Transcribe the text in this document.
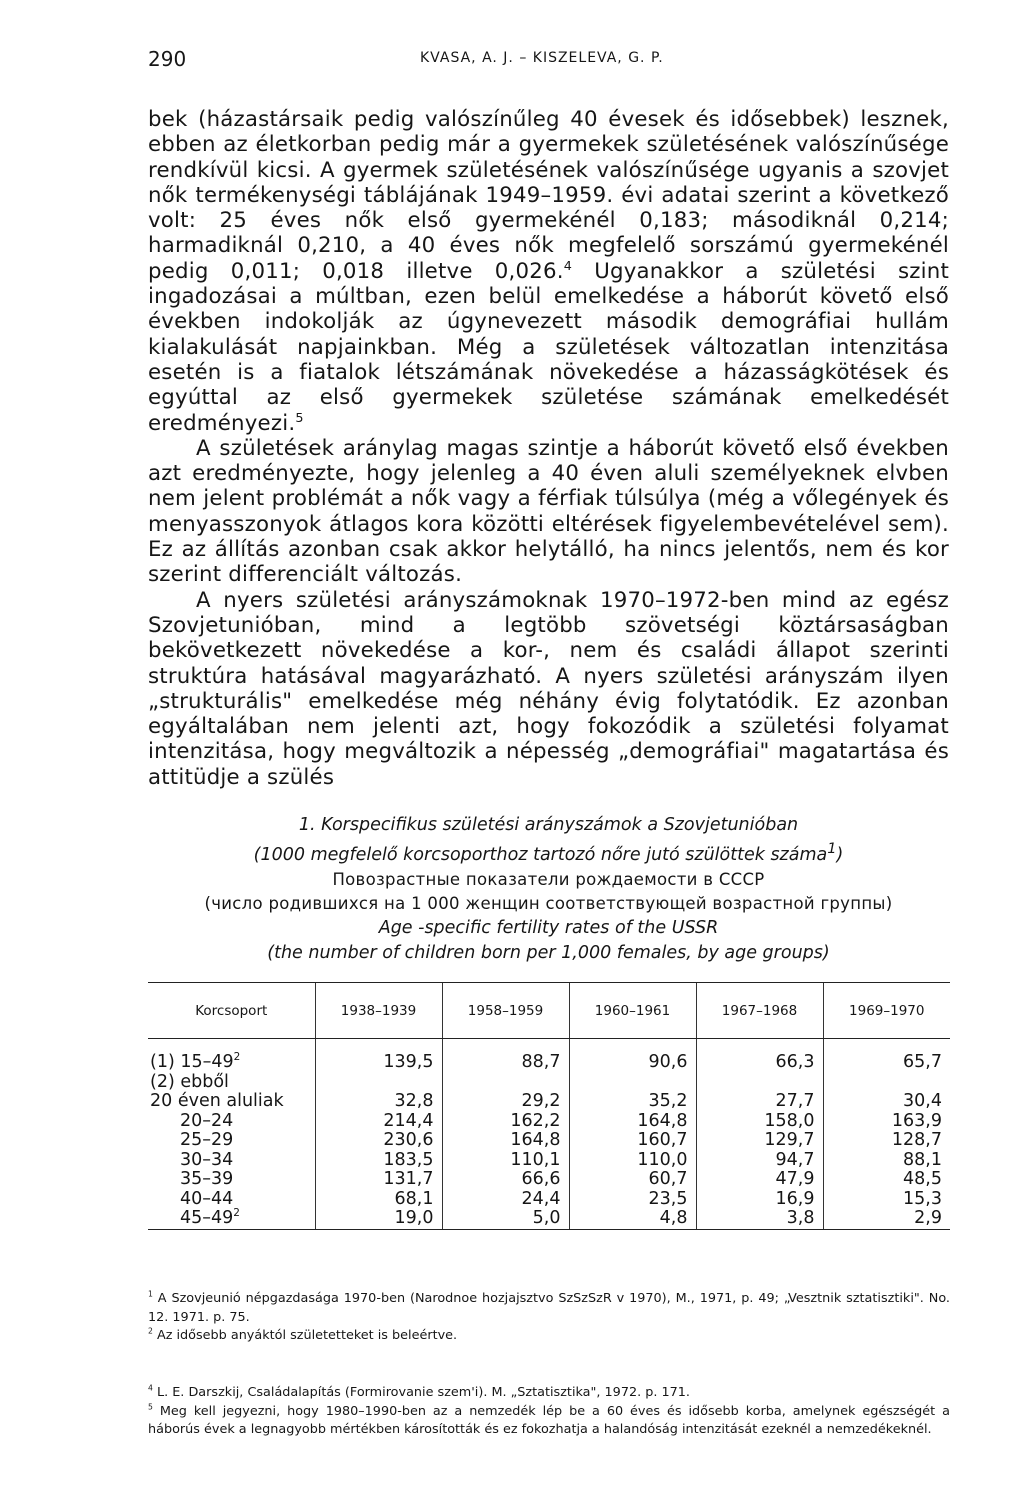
290	KVASA, A. J. – KISZELEVA, G. P.

bek (házastársaik pedig valószínűleg 40 évesek és idősebbek) lesznek, ebben az életkorban pedig már a gyermekek születésének valószínűsége rendkívül kicsi. A gyermek születésének valószínűsége ugyanis a szovjet nők termékenységi táblájának 1949–1959. évi adatai szerint a következő volt: 25 éves nők első gyermekénél 0,183; másodiknál 0,214; harmadiknál 0,210, a 40 éves nők megfelelő sorszámú gyermekénél pedig 0,011; 0,018 illetve 0,026.$^4$ Ugyanakkor a születési szint ingadozásai a múltban, ezen belül emelkedése a háborút követő első években indokolják az úgynevezett második demográfiai hullám kialakulását napjainkban. Még a születések változatlan intenzitása esetén is a fiatalok létszámának növekedése a házasságkötések és egyúttal az első gyermekek születése számának emelkedését eredményezi.$^5$

A születések aránylag magas szintje a háborút követő első években azt eredményezte, hogy jelenleg a 40 éven aluli személyeknek elvben nem jelent problémát a nők vagy a férfiak túlsúlya (még a vőlegények és menyasszonyok átlagos kora közötti eltérések figyelembevételével sem). Ez az állítás azonban csak akkor helytálló, ha nincs jelentős, nem és kor szerint differenciált változás.

A nyers születési arányszámoknak 1970–1972-ben mind az egész Szovjetunióban, mind a legtöbb szövetségi köztársaságban bekövetkezett növekedése a kor-, nem és családi állapot szerinti struktúra hatásával magyarázható. A nyers születési arányszám ilyen „strukturális" emelkedése még néhány évig folytatódik. Ez azonban egyáltalában nem jelenti azt, hogy fokozódik a születési folyamat intenzitása, hogy megváltozik a népesség „demográfiai" magatartása és attitüdje a szülés

1. Korspecifikus születési arányszámok a Szovjetunióban
(1000 megfelelő korcsoporthoz tartozó nőre jutó szülöttek száma$^1$)
Повозрастные показатели рождаемости в СССР
(число родившихся на 1 000 женщин соответствующей возрастной группы)
Age -specific fertility rates of the USSR
(the number of children born per 1,000 females, by age groups)
Korcsoport	1938–1939	1958–1959	1960–1961	1967–1968	1969–1970
(1) $15-49^2$	139,5	88,7	90,6	66,3	65,7
(2) ebből					
20 éven aluliak	32,8	29,2	35,2	27,7	30,4
20–24	214,4	162,2	164,8	158,0	163,9
25–29	230,6	164,8	160,7	129,7	128,7
30–34	183,5	110,1	110,0	94,7	88,1
35–39	131,7	66,6	60,7	47,9	48,5
40–44	68,1	24,4	23,5	16,9	15,3
$45-49^2$	19,0	5,0	4,8	3,8	2,9

$^1$ A Szovjeunió népgazdasága 1970-ben (Narodnoe hozjajsztvo SzSzSzR v 1970), M., 1971, p. 49; „Vesztnik sztatisztiki". No. 12. 1971. p. 75.

$^2$ Az idősebb anyáktól születetteket is beleértve.

$^4$ L. E. Darszkij, Családalapítás (Formirovanie szem'i). M. „Sztatisztika", 1972. p. 171.

$^5$ Meg kell jegyezni, hogy 1980–1990-ben az a nemzedék lép be a 60 éves és idősebb korba, amelynek egészségét a háborús évek a legnagyobb mértékben károsították és ez fokozhatja a halandóság intenzitását ezeknél a nemzedékeknél.
